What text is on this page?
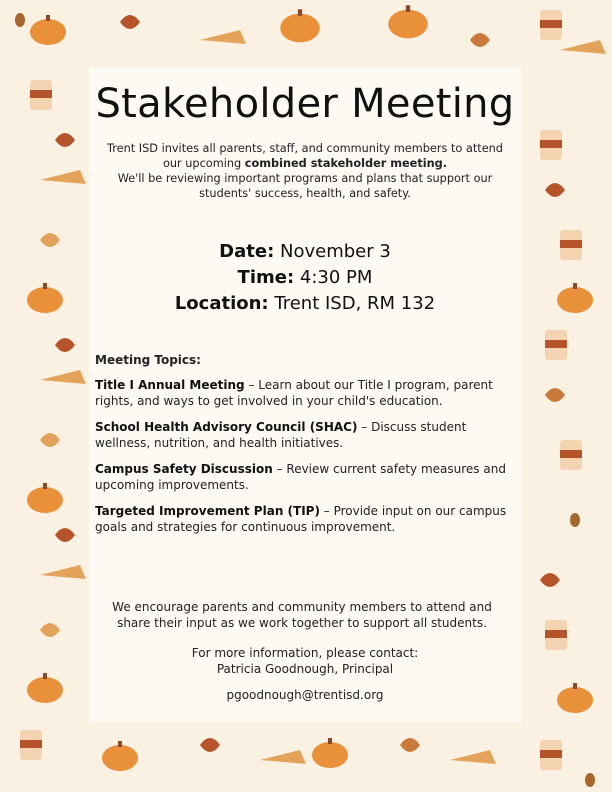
Stakeholder Meeting
Trent ISD invites all parents, staff, and community members to attend our upcoming combined stakeholder meeting.
We'll be reviewing important programs and plans that support our students' success, health, and safety.
Date: November 3
Time: 4:30 PM
Location: Trent ISD, RM 132
Meeting Topics:
Title I Annual Meeting – Learn about our Title I program, parent rights, and ways to get involved in your child's education.
School Health Advisory Council (SHAC) – Discuss student wellness, nutrition, and health initiatives.
Campus Safety Discussion – Review current safety measures and upcoming improvements.
Targeted Improvement Plan (TIP) – Provide input on our campus goals and strategies for continuous improvement.
We encourage parents and community members to attend and share their input as we work together to support all students.
For more information, please contact:
Patricia Goodnough, Principal
pgoodnough@trentisd.org
